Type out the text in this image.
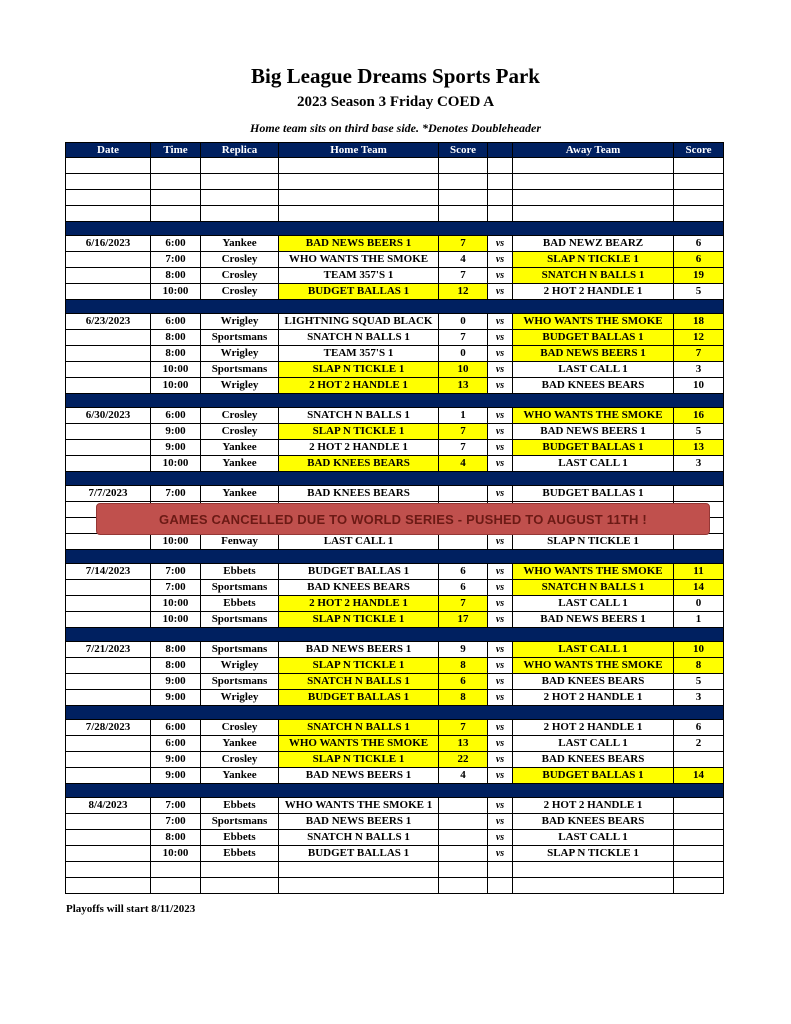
Big League Dreams Sports Park
2023 Season 3 Friday COED A
Home team sits on third base side. *Denotes Doubleheader
Date	Time	Replica	Home Team	Score	Away Team	Score
6/16/2023	6:00	Yankee	BAD NEWS BEERS 1	7	vs	BAD NEWZ BEARZ	6
7:00	Crosley	WHO WANTS THE SMOKE	4	vs	SLAP N TICKLE 1	6
8:00	Crosley	TEAM 357'S 1	7	vs	SNATCH N BALLS 1	19
10:00	Crosley	BUDGET BALLAS 1	12	vs	2 HOT 2 HANDLE 1	5
6/23/2023	6:00	Wrigley	LIGHTNING SQUAD BLACK	0	vs	WHO WANTS THE SMOKE	18
8:00	Sportsmans	SNATCH N BALLS 1	7	vs	BUDGET BALLAS 1	12
8:00	Wrigley	TEAM 357'S 1	0	vs	BAD NEWS BEERS 1	7
10:00	Sportsmans	SLAP N TICKLE 1	10	vs	LAST CALL 1	3
10:00	Wrigley	2 HOT 2 HANDLE 1	13	vs	BAD KNEES BEARS	10
6/30/2023	6:00	Crosley	SNATCH N BALLS 1	1	vs	WHO WANTS THE SMOKE	16
9:00	Crosley	SLAP N TICKLE 1	7	vs	BAD NEWS BEERS 1	5
9:00	Yankee	2 HOT 2 HANDLE 1	7	vs	BUDGET BALLAS 1	13
10:00	Yankee	BAD KNEES BEARS	4	vs	LAST CALL 1	3
7/7/2023	7:00	Yankee	BAD KNEES BEARS	vs	BUDGET BALLAS 1
10:00	Fenway	LAST CALL 1	vs	SLAP N TICKLE 1
7/14/2023	7:00	Ebbets	BUDGET BALLAS 1	6	vs	WHO WANTS THE SMOKE	11
7:00	Sportsmans	BAD KNEES BEARS	6	vs	SNATCH N BALLS 1	14
10:00	Ebbets	2 HOT 2 HANDLE 1	7	vs	LAST CALL 1	0
10:00	Sportsmans	SLAP N TICKLE 1	17	vs	BAD NEWS BEERS 1	1
7/21/2023	8:00	Sportsmans	BAD NEWS BEERS 1	9	vs	LAST CALL 1	10
8:00	Wrigley	SLAP N TICKLE 1	8	vs	WHO WANTS THE SMOKE	8
9:00	Sportsmans	SNATCH N BALLS 1	6	vs	BAD KNEES BEARS	5
9:00	Wrigley	BUDGET BALLAS 1	8	vs	2 HOT 2 HANDLE 1	3
7/28/2023	6:00	Crosley	SNATCH N BALLS 1	7	vs	2 HOT 2 HANDLE 1	6
6:00	Yankee	WHO WANTS THE SMOKE	13	vs	LAST CALL 1	2
9:00	Crosley	SLAP N TICKLE 1	22	vs	BAD KNEES BEARS
9:00	Yankee	BAD NEWS BEERS 1	4	vs	BUDGET BALLAS 1	14
8/4/2023	7:00	Ebbets	WHO WANTS THE SMOKE 1	vs	2 HOT 2 HANDLE 1
7:00	Sportsmans	BAD NEWS BEERS 1	vs	BAD KNEES BEARS
8:00	Ebbets	SNATCH N BALLS 1	vs	LAST CALL 1
10:00	Ebbets	BUDGET BALLAS 1	vs	SLAP N TICKLE 1
GAMES CANCELLED DUE TO WORLD SERIES - PUSHED TO AUGUST 11TH !
Playoffs will start 8/11/2023
